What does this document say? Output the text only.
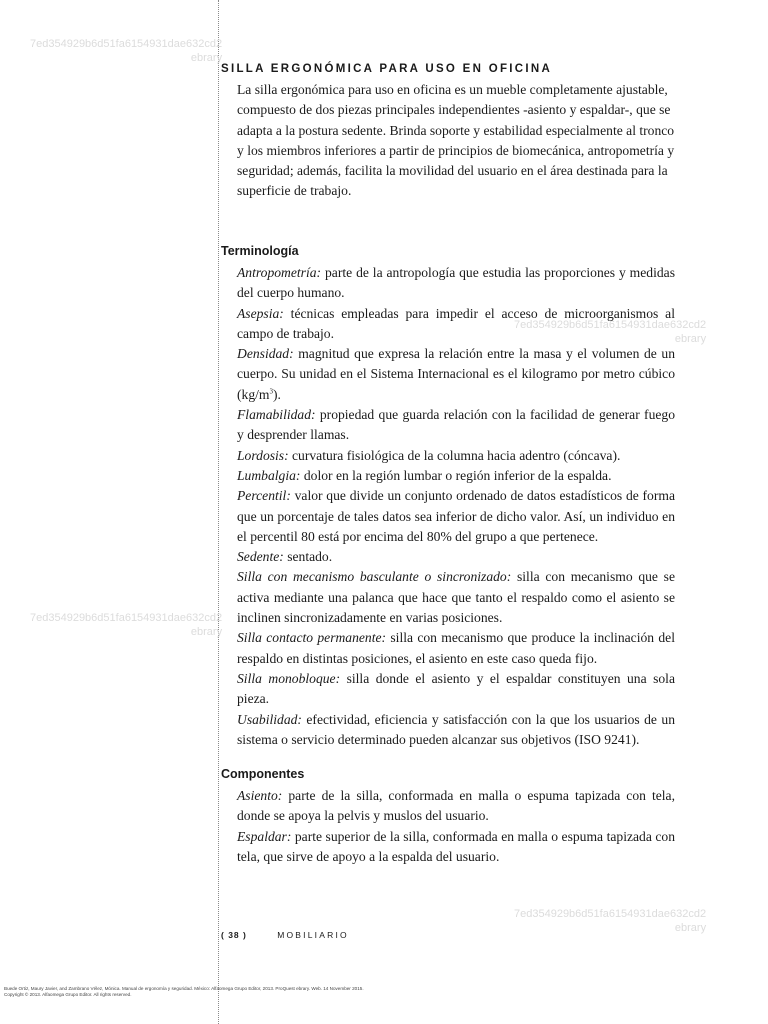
7ed354929b6d51fa6154931dae632cd2
ebrary
7ed354929b6d51fa6154931dae632cd2
ebrary
7ed354929b6d51fa6154931dae632cd2
ebrary
7ed354929b6d51fa6154931dae632cd2
ebrary
SILLA ERGONÓMICA PARA USO EN OFICINA

La silla ergonómica para uso en oficina es un mueble completamente ajustable, compuesto de dos piezas principales independientes -asiento y espaldar-, que se adapta a la postura sedente. Brinda soporte y estabilidad especialmente al tronco y los miembros inferiores a partir de principios de biomecánica, antropometría y seguridad; además, facilita la movilidad del usuario en el área destinada para la superficie de trabajo.

Terminología

Antropometría: parte de la antropología que estudia las proporciones y medidas del cuerpo humano.

Asepsia: técnicas empleadas para impedir el acceso de microorganismos al campo de trabajo.

Densidad: magnitud que expresa la relación entre la masa y el volumen de un cuerpo. Su unidad en el Sistema Internacional es el kilogramo por metro cúbico $(kg/m^3)$.

Flamabilidad: propiedad que guarda relación con la facilidad de generar fuego y desprender llamas.

Lordosis: curvatura fisiológica de la columna hacia adentro (cóncava).

Lumbalgia: dolor en la región lumbar o región inferior de la espalda.

Percentil: valor que divide un conjunto ordenado de datos estadísticos de forma que un porcentaje de tales datos sea inferior de dicho valor. Así, un individuo en el percentil 80 está por encima del 80% del grupo a que pertenece.

Sedente: sentado.

Silla con mecanismo basculante o sincronizado: silla con mecanismo que se activa mediante una palanca que hace que tanto el respaldo como el asiento se inclinen sincronizadamente en varias posiciones.

Silla contacto permanente: silla con mecanismo que produce la inclinación del respaldo en distintas posiciones, el asiento en este caso queda fijo.

Silla monobloque: silla donde el asiento y el espaldar constituyen una sola pieza.

Usabilidad: efectividad, eficiencia y satisfacción con la que los usuarios de un sistema o servicio determinado pueden alcanzar sus objetivos (ISO 9241).

Componentes

Asiento: parte de la silla, conformada en malla o espuma tapizada con tela, donde se apoya la pelvis y muslos del usuario.

Espaldar: parte superior de la silla, conformada en malla o espuma tapizada con tela, que sirve de apoyo a la espalda del usuario.

( 38 )	MOBILIARIO
Buede Ortiz, Maury Javier, and Zambrano Vélez, Mónica. Manual de ergonomía y seguridad. México: Alfaomega Grupo Editor, 2013. ProQuest ebrary. Web. 14 November 2015.
Copyright © 2013. Alfaomega Grupo Editor. All rights reserved.
